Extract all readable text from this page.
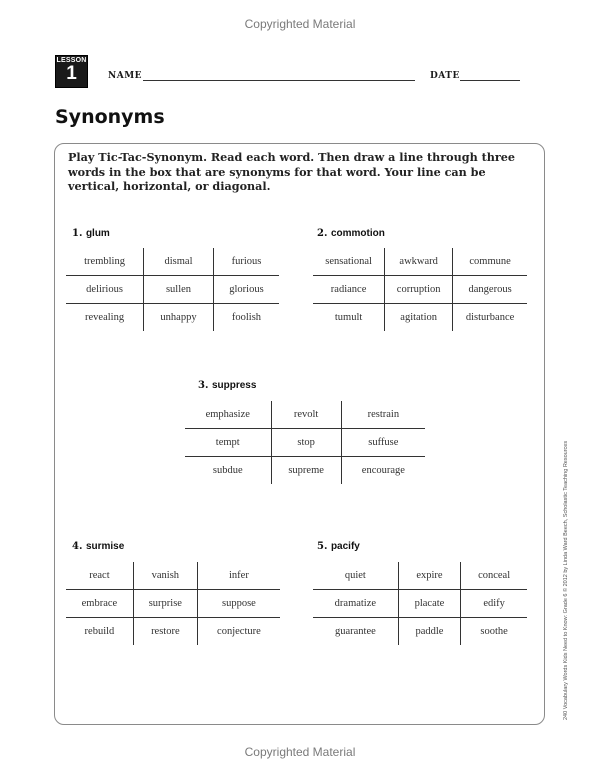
Copyrighted Material
LESSON
1	NAME	DATE
Synonyms
Play Tic-Tac-Synonym. Read each word. Then draw a line through three words in the box that are synonyms for that word. Your line can be vertical, horizontal, or diagonal.
1. glum
trembling	dismal	furious
delirious	sullen	glorious
revealing	unhappy	foolish
2. commotion
sensational	awkward	commune
radiance	corruption	dangerous
tumult	agitation	disturbance
3. suppress
emphasize	revolt	restrain
tempt	stop	suffuse
subdue	supreme	encourage
4. surmise
react	vanish	infer
embrace	surprise	suppose
rebuild	restore	conjecture
5. pacify
quiet	expire	conceal
dramatize	placate	edify
guarantee	paddle	soothe	240 Vocabulary Words Kids Need to Know: Grade 6 © 2012 by Linda Ward Beech, Scholastic Teaching Resources
Copyrighted Material
